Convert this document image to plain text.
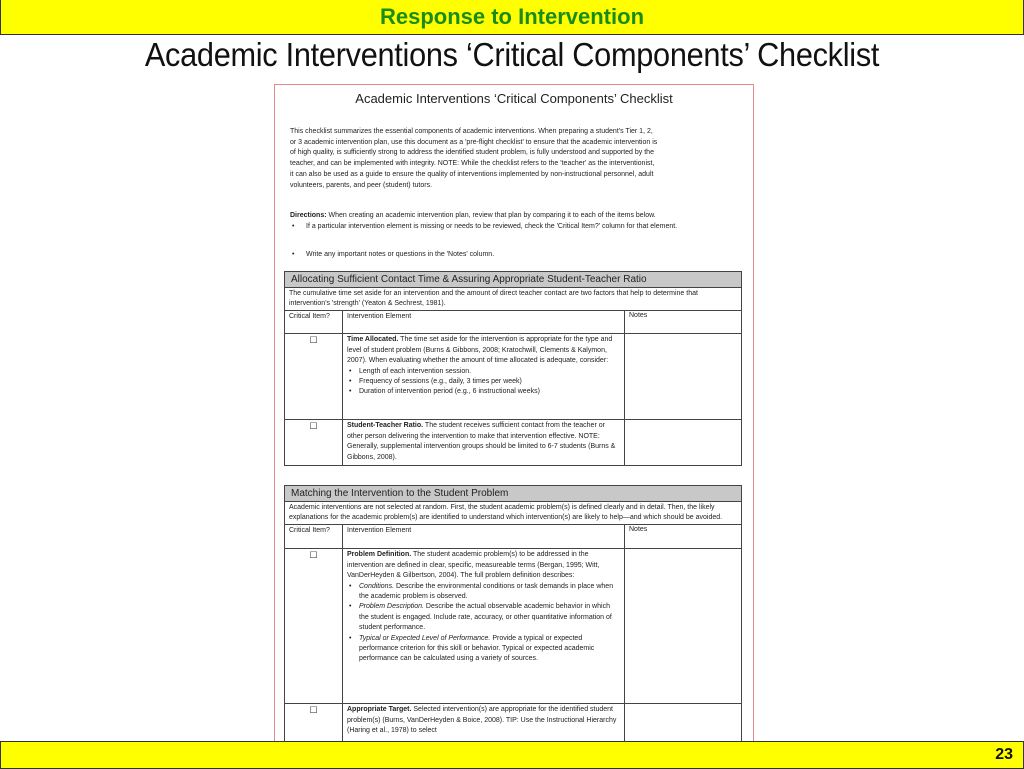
Response to Intervention
Academic Interventions ‘Critical Components’ Checklist
Academic Interventions ‘Critical Components’ Checklist
This checklist summarizes the essential components of academic interventions. When preparing a student's Tier 1, 2,
or 3 academic intervention plan, use this document as a 'pre-flight checklist' to ensure that the academic intervention is
of high quality, is sufficiently strong to address the identified student problem, is fully understood and supported by the
teacher, and can be implemented with integrity. NOTE: While the checklist refers to the 'teacher' as the interventionist,
it can also be used as a guide to ensure the quality of interventions implemented by non-instructional personnel, adult
volunteers, parents, and peer (student) tutors.
Directions: When creating an academic intervention plan, review that plan by comparing it to each of the items below.
• If a particular intervention element is missing or needs to be reviewed, check the 'Critical Item?' column for that element.
• Write any important notes or questions in the 'Notes' column.
Allocating Sufficient Contact Time & Assuring Appropriate Student-Teacher Ratio
The cumulative time set aside for an intervention and the amount of direct teacher contact are two factors that help to determine that intervention's 'strength' (Yeaton & Sechrest, 1981).
Critical Item?	Intervention Element	Notes
☐	Time Allocated. The time set aside for the intervention is appropriate for the type and level of student problem (Burns & Gibbons, 2008; Kratochwill, Clements & Kalymon, 2007). When evaluating whether the amount of time allocated is adequate, consider:
• Length of each intervention session.
• Frequency of sessions (e.g., daily, 3 times per week)
• Duration of intervention period (e.g., 6 instructional weeks)
☐	Student-Teacher Ratio. The student receives sufficient contact from the teacher or other person delivering the intervention to make that intervention effective. NOTE: Generally, supplemental intervention groups should be limited to 6-7 students (Burns & Gibbons, 2008).
Matching the Intervention to the Student Problem
Academic interventions are not selected at random. First, the student academic problem(s) is defined clearly and in detail. Then, the likely explanations for the academic problem(s) are identified to understand which intervention(s) are likely to help—and which should be avoided.
Critical Item?	Intervention Element	Notes
☐	Problem Definition. The student academic problem(s) to be addressed in the intervention are defined in clear, specific, measureable terms (Bergan, 1995; Witt, VanDerHeyden & Gilbertson, 2004). The full problem definition describes:
• Conditions. Describe the environmental conditions or task demands in place when the academic problem is observed.
• Problem Description. Describe the actual observable academic behavior in which the student is engaged. Include rate, accuracy, or other quantitative information of student performance.
• Typical or Expected Level of Performance. Provide a typical or expected performance criterion for this skill or behavior. Typical or expected academic performance can be calculated using a variety of sources.
☐	Appropriate Target. Selected intervention(s) are appropriate for the identified student problem(s) (Burns, VanDerHeyden & Boice, 2008). TIP: Use the Instructional Hierarchy (Haring et al., 1978) to select
23
